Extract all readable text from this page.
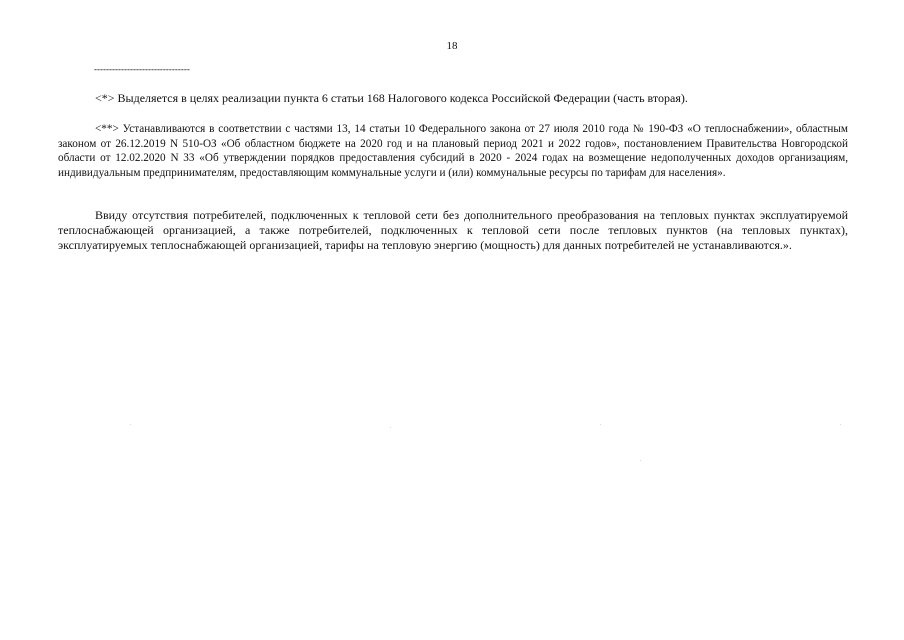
18
--------------------------------

<*> Выделяется в целях реализации пункта 6 статьи 168 Налогового кодекса Российской Федерации (часть вторая).

<**> Устанавливаются в соответствии с частями 13, 14 статьи 10 Федерального закона от 27 июля 2010 года № 190-ФЗ «О теплоснабжении», областным законом от 26.12.2019 N 510-ОЗ «Об областном бюджете на 2020 год и на плановый период 2021 и 2022 годов», постановлением Правительства Новгородской области от 12.02.2020 N 33 «Об утверждении порядков предоставления субсидий в 2020 - 2024 годах на возмещение недополученных доходов организациям, индивидуальным предпринимателям, предоставляющим коммунальные услуги и (или) коммунальные ресурсы по тарифам для населения».

Ввиду отсутствия потребителей, подключенных к тепловой сети без дополнительного преобразования на тепловых пунктах эксплуатируемой теплоснабжающей организацией, а также потребителей, подключенных к тепловой сети после тепловых пунктов (на тепловых пунктах), эксплуатируемых теплоснабжающей организацией, тарифы на тепловую энергию (мощность) для данных потребителей не устанавливаются.».
